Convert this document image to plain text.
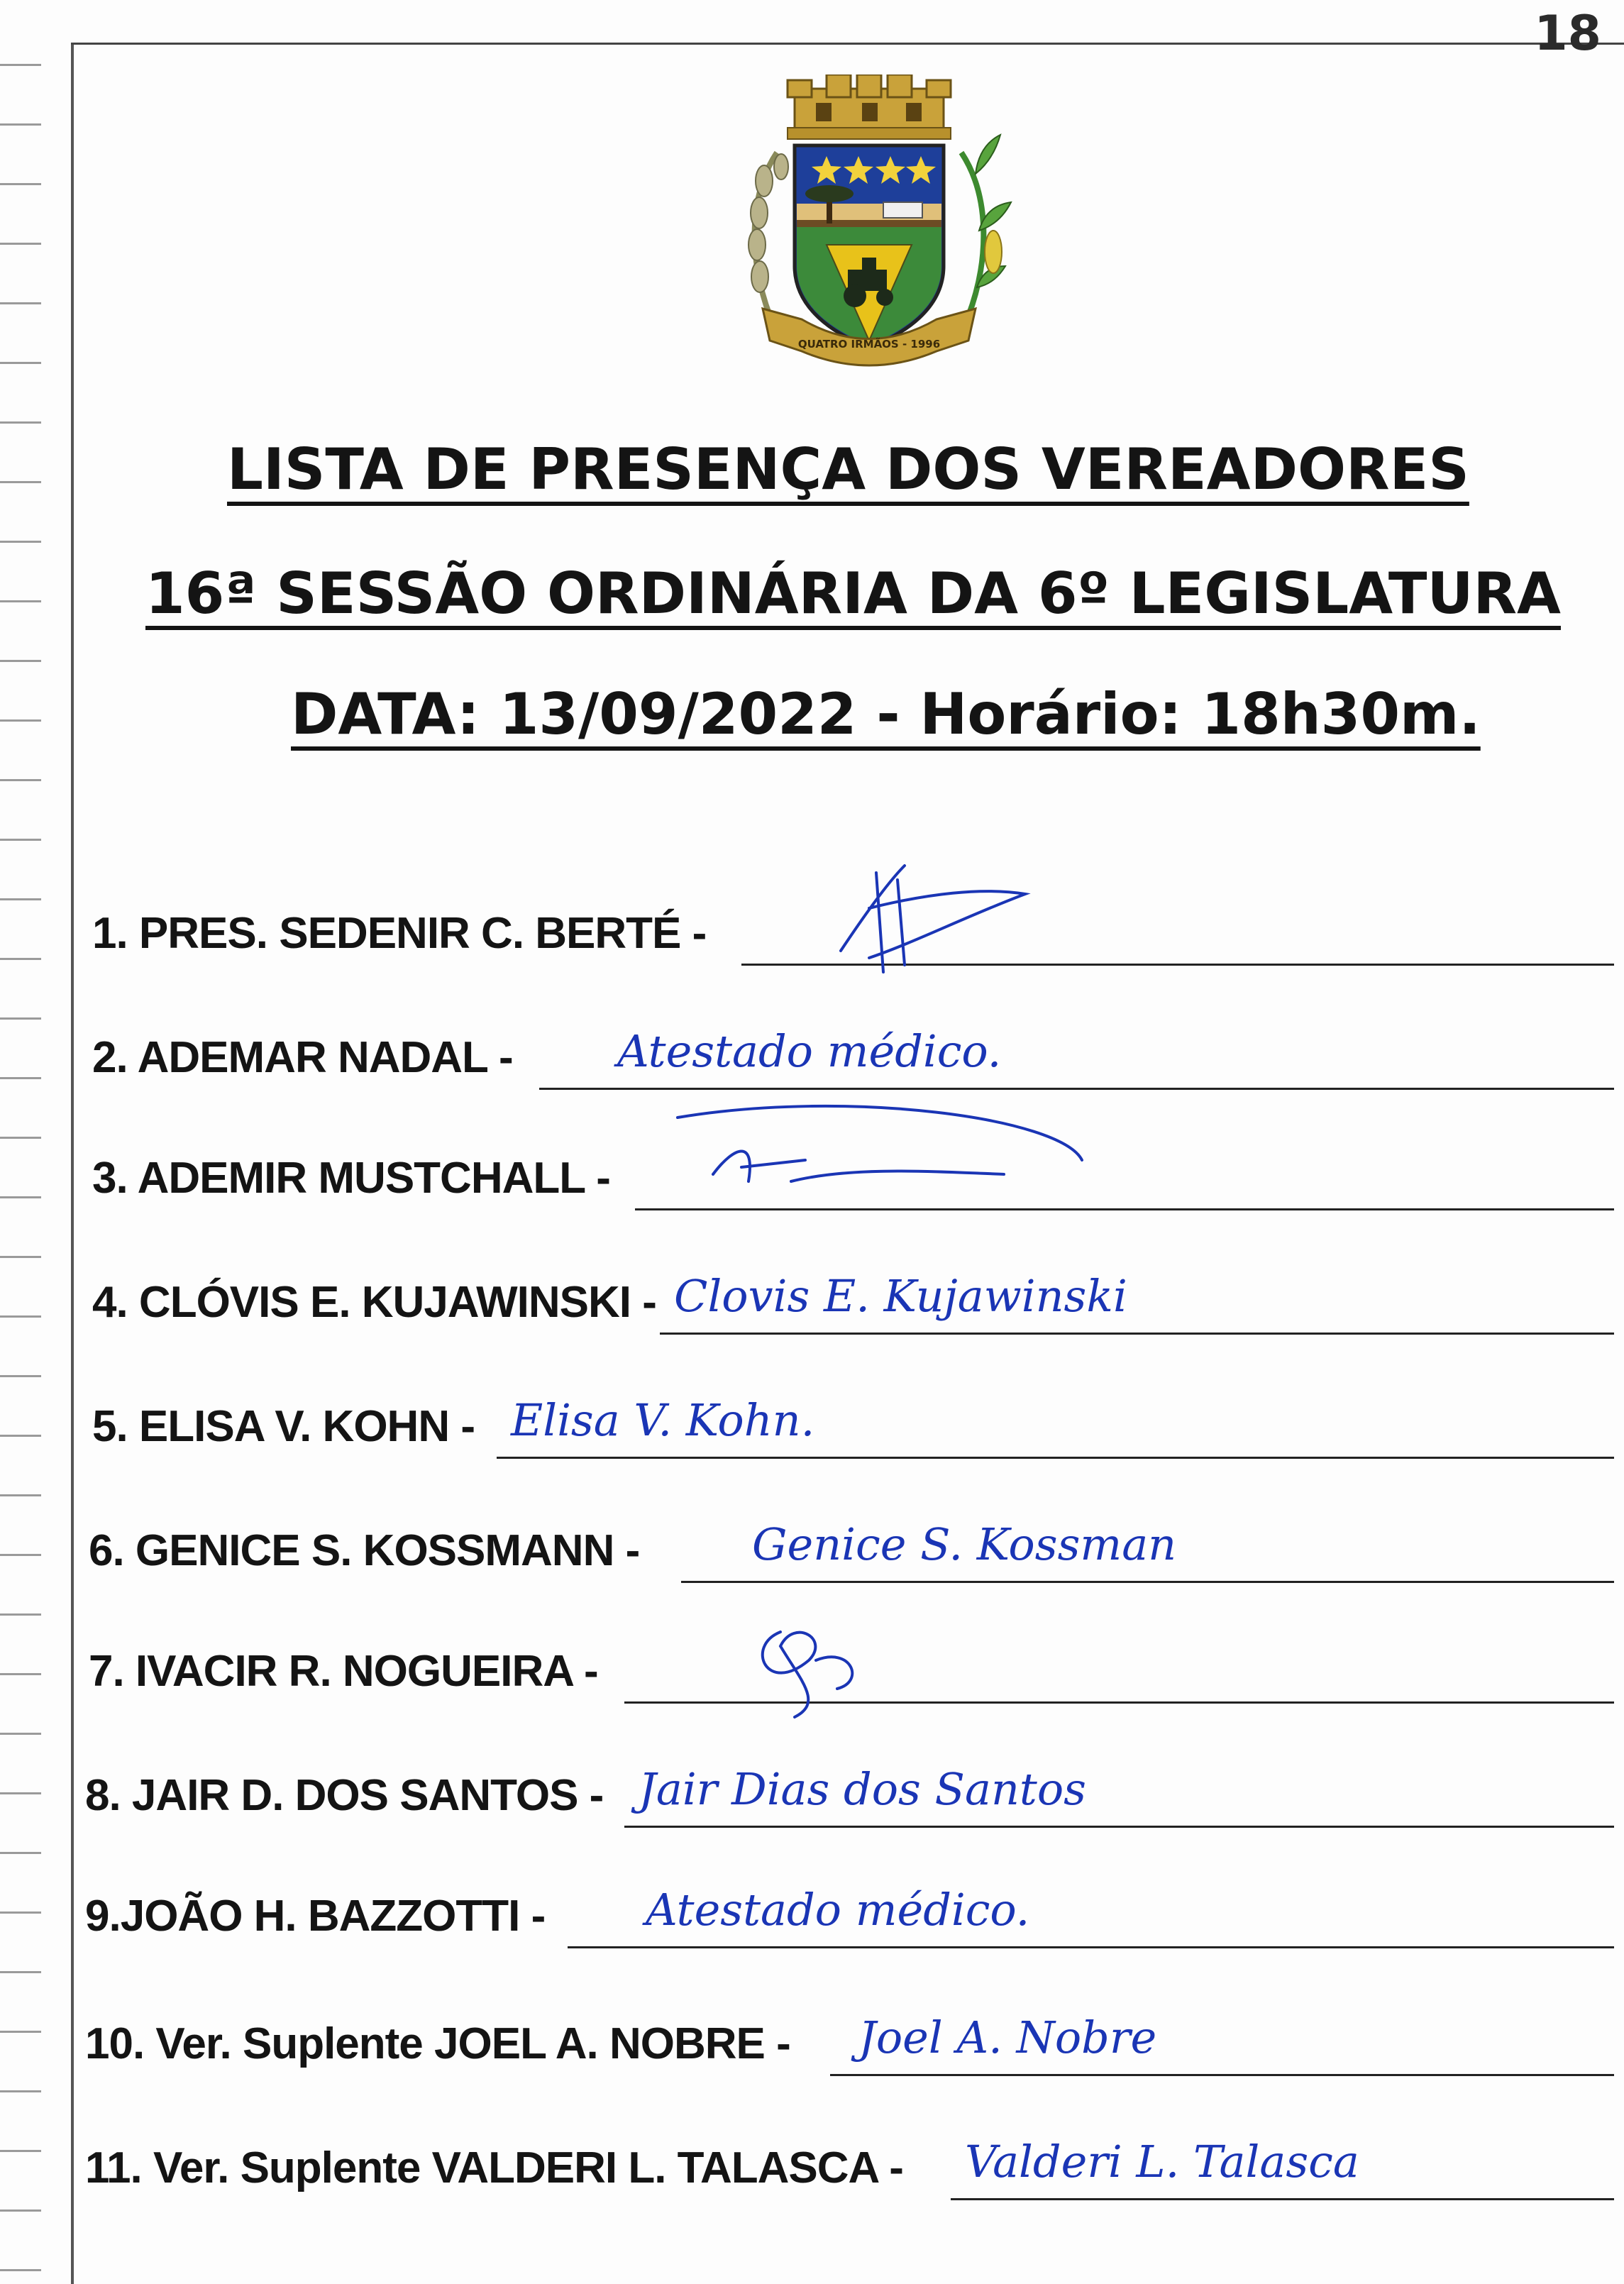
18
QUATRO IRMÃOS - 1996
LISTA DE PRESENÇA DOS VEREADORES
16ª SESSÃO ORDINÁRIA DA 6º LEGISLATURA
DATA: 13/09/2022 - Horário: 18h30m.
1. PRES. SEDENIR C. BERTÉ -
2. ADEMAR NADAL - Atestado médico.
3. ADEMIR MUSTCHALL -
4. CLÓVIS E. KUJAWINSKI - Clovis E. Kujawinski
5. ELISA V. KOHN - Elisa V. Kohn.
6. GENICE S. KOSSMANN -	Genice S. Kossman
7. IVACIR R. NOGUEIRA -
8. JAIR D. DOS SANTOS - Jair Dias dos Santos
9.JOÃO H. BAZZOTTI - Atestado médico.
10. Ver. Suplente JOEL A. NOBRE - Joel A. Nobre
11. Ver. Suplente VALDERI L. TALASCA - Valderi L. Talasca
